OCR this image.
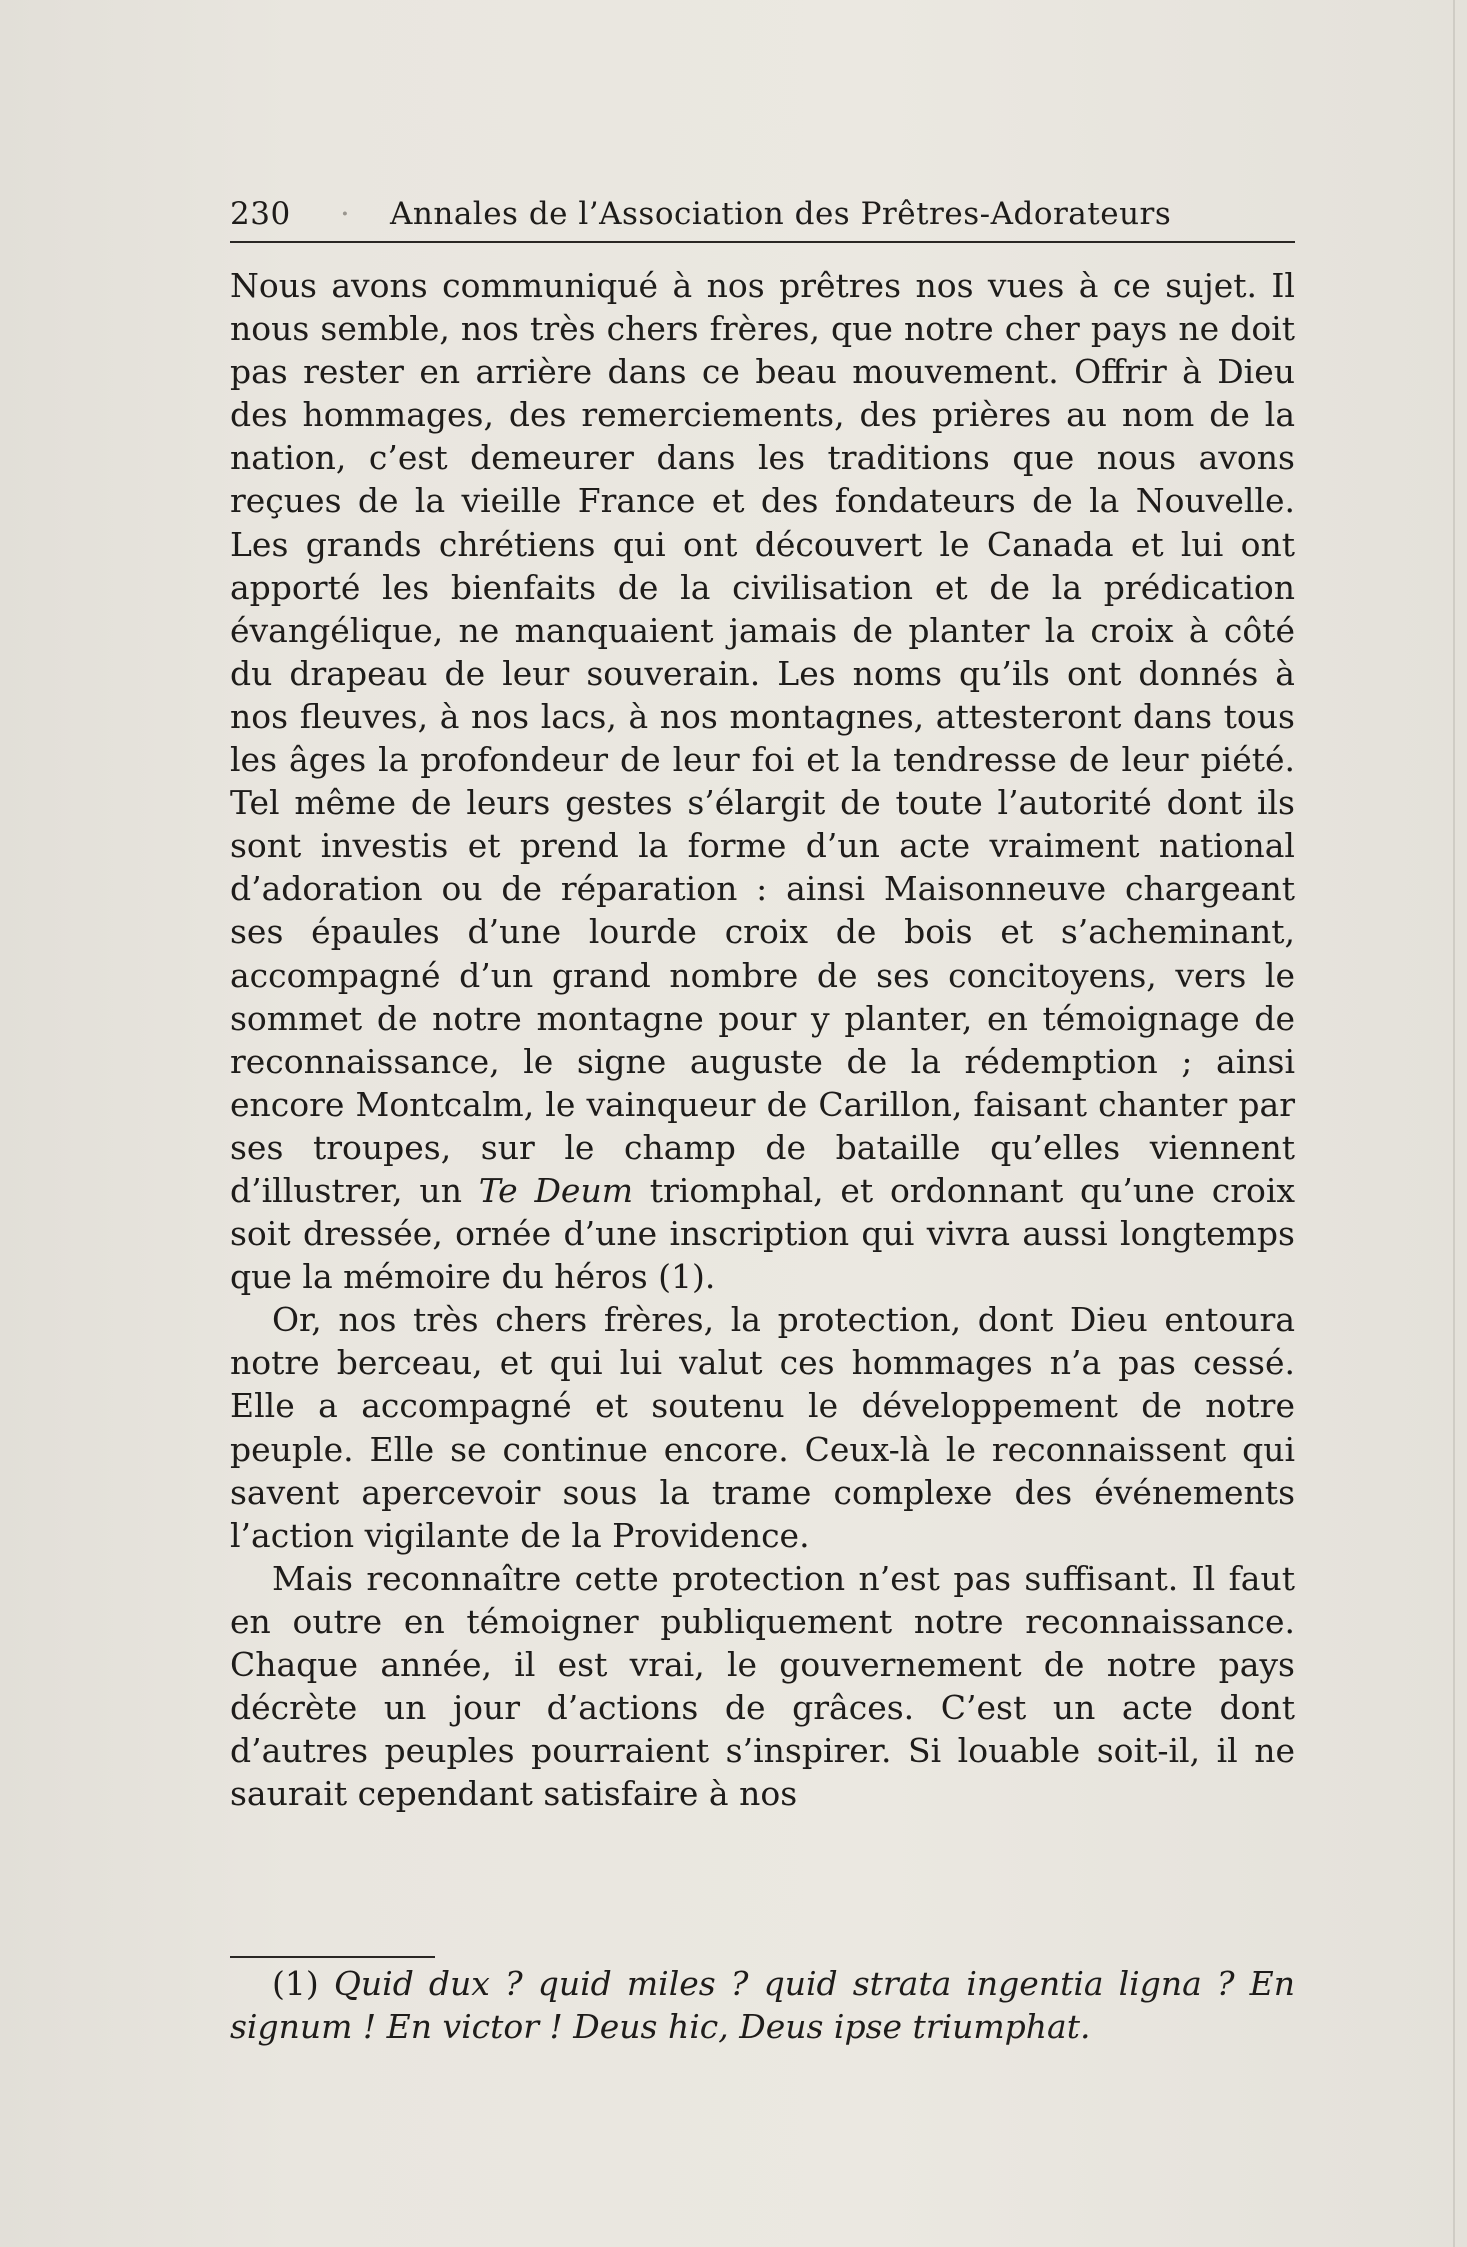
230 · Annales de l’Association des Prêtres-Adorateurs

Nous avons communiqué à nos prêtres nos vues à ce sujet. Il nous semble, nos très chers frères, que notre cher pays ne doit pas rester en arrière dans ce beau mouvement. Offrir à Dieu des hommages, des remerciements, des prières au nom de la nation, c’est demeurer dans les traditions que nous avons reçues de la vieille France et des fondateurs de la Nouvelle. Les grands chrétiens qui ont découvert le Canada et lui ont apporté les bienfaits de la civilisation et de la prédication évangélique, ne manquaient jamais de planter la croix à côté du drapeau de leur souverain. Les noms qu’ils ont donnés à nos fleuves, à nos lacs, à nos montagnes, attesteront dans tous les âges la profondeur de leur foi et la tendresse de leur piété. Tel même de leurs gestes s’élargit de toute l’autorité dont ils sont investis et prend la forme d’un acte vraiment national d’adoration ou de réparation : ainsi Maisonneuve chargeant ses épaules d’une lourde croix de bois et s’acheminant, accompagné d’un grand nombre de ses concitoyens, vers le sommet de notre montagne pour y planter, en témoignage de reconnaissance, le signe auguste de la rédemption ; ainsi encore Montcalm, le vainqueur de Carillon, faisant chanter par ses troupes, sur le champ de bataille qu’elles viennent d’illustrer, un Te Deum triomphal, et ordonnant qu’une croix soit dressée, ornée d’une inscription qui vivra aussi longtemps que la mémoire du héros (1).

Or, nos très chers frères, la protection, dont Dieu entoura notre berceau, et qui lui valut ces hommages n’a pas cessé. Elle a accompagné et soutenu le développement de notre peuple. Elle se continue encore. Ceux-là le reconnaissent qui savent apercevoir sous la trame complexe des événements l’action vigilante de la Providence.

Mais reconnaître cette protection n’est pas suffisant. Il faut en outre en témoigner publiquement notre reconnaissance. Chaque année, il est vrai, le gouvernement de notre pays décrète un jour d’actions de grâces. C’est un acte dont d’autres peuples pourraient s’inspirer. Si louable soit-il, il ne saurait cependant satisfaire à nos

(1) Quid dux ? quid miles ? quid strata ingentia ligna ? En signum ! En victor ! Deus hic, Deus ipse triumphat.
